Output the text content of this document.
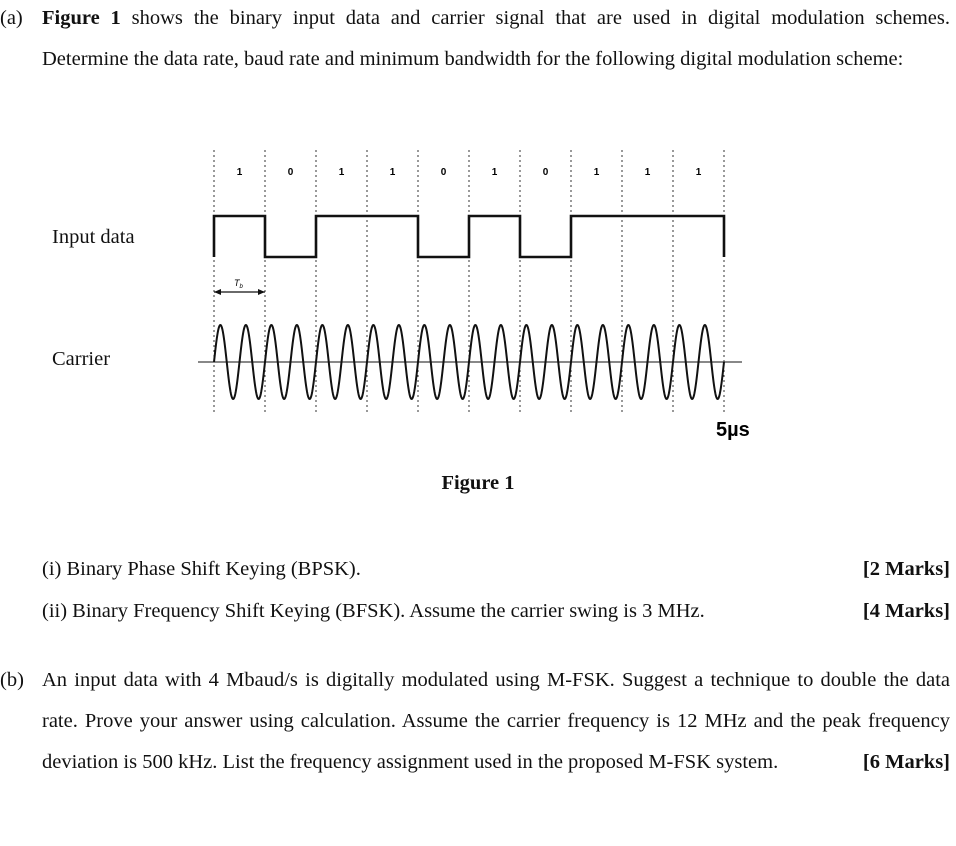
(a) Figure 1 shows the binary input data and carrier signal that are used in digital modulation schemes. Determine the data rate, baud rate and minimum bandwidth for the following digital modulation scheme:
Input data
Carrier
1	0	1	1	0	1	0	1	1	1
$T_b$
5µs
Figure 1
(i) Binary Phase Shift Keying (BPSK).	[2 Marks]
(ii) Binary Frequency Shift Keying (BFSK). Assume the carrier swing is 3 MHz.	[4 Marks]
(b) An input data with 4 Mbaud/s is digitally modulated using M-FSK. Suggest a technique to double the data rate. Prove your answer using calculation. Assume the carrier frequency is 12 MHz and the peak frequency deviation is 500 kHz. List the frequency assignment used in the proposed M-FSK system.	[6 Marks]
